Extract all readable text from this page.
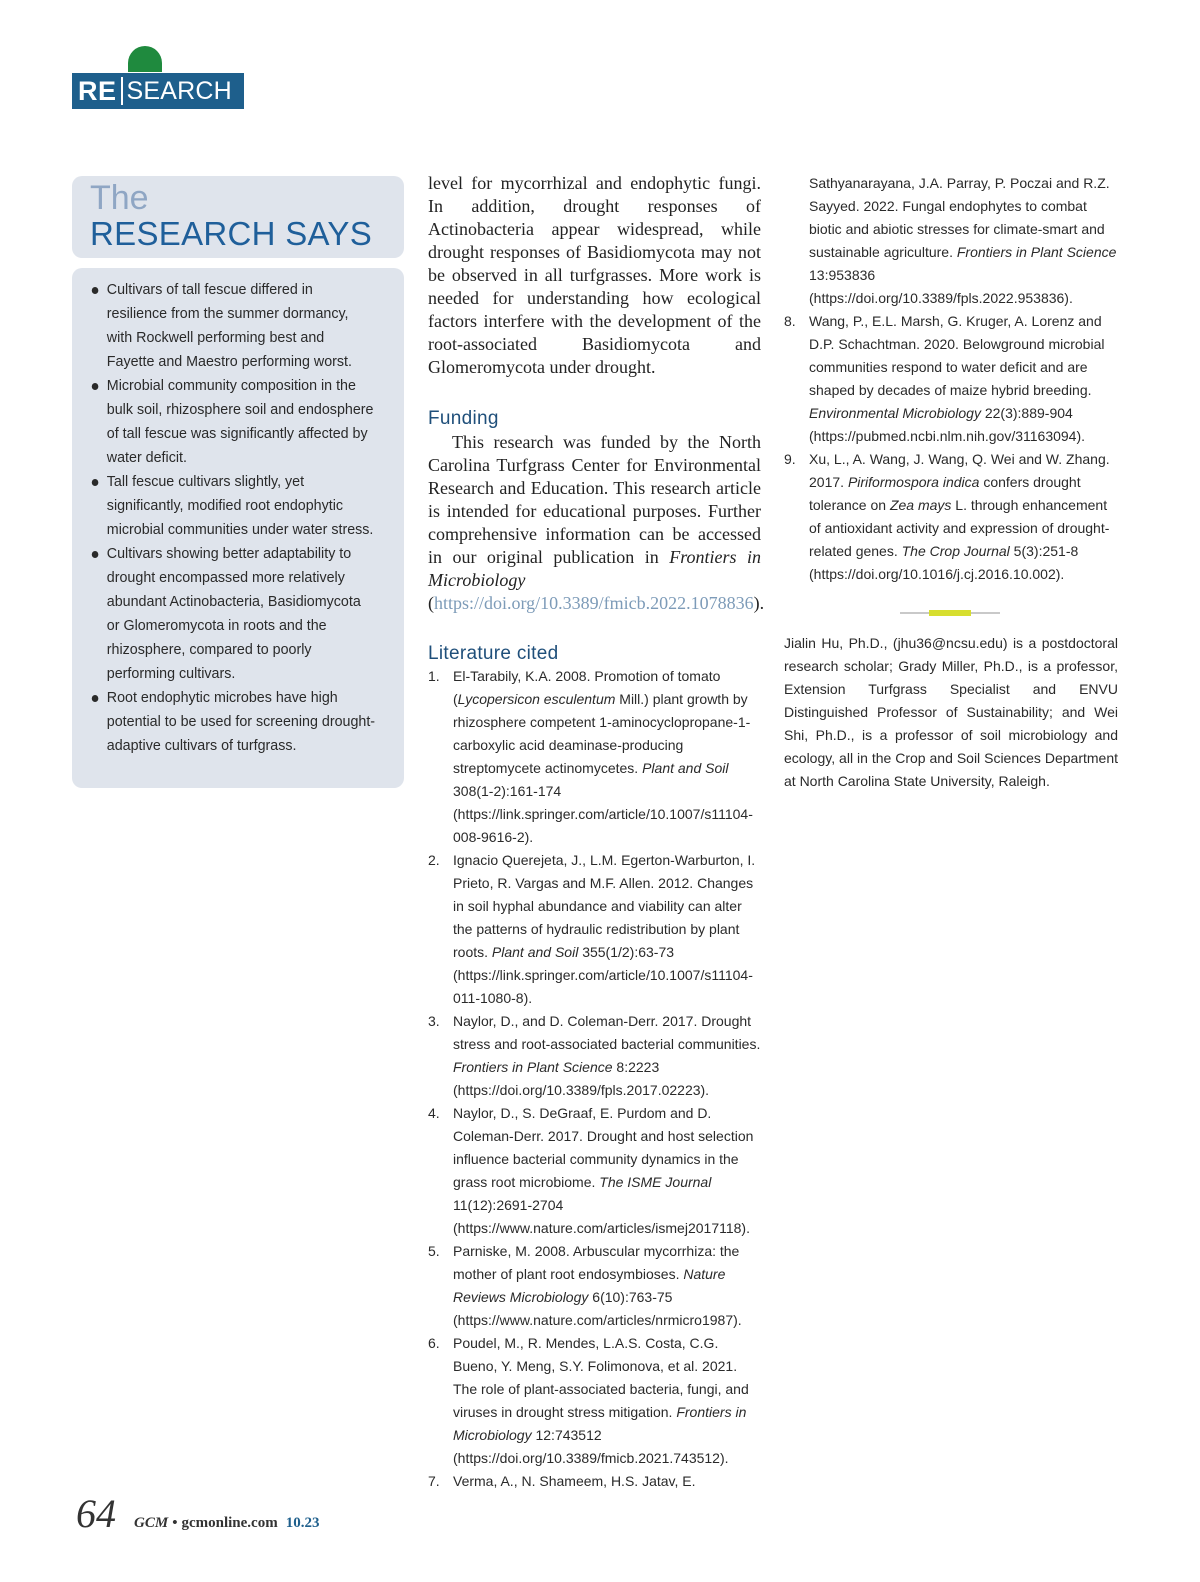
RE SEARCH
The
RESEARCH SAYS
Cultivars of tall fescue differed in resilience from the summer dormancy, with Rockwell performing best and Fayette and Maestro performing worst.
Microbial community composition in the bulk soil, rhizosphere soil and endosphere of tall fescue was significantly affected by water deficit.
Tall fescue cultivars slightly, yet significantly, modified root endophytic microbial communities under water stress.
Cultivars showing better adaptability to drought encompassed more relatively abundant Actinobacteria, Basidiomycota or Glomeromycota in roots and the rhizosphere, compared to poorly performing cultivars.
Root endophytic microbes have high potential to be used for screening drought-adaptive cultivars of turfgrass.

level for mycorrhizal and endophytic fungi. In addition, drought responses of Actinobacteria appear widespread, while drought responses of Basidiomycota may not be observed in all turfgrasses. More work is needed for understanding how ecological factors interfere with the development of the root-associated Basidiomycota and Glomeromycota under drought.

Funding

This research was funded by the North Carolina Turfgrass Center for Environmental Research and Education. This research article is intended for educational purposes. Further comprehensive information can be accessed in our original publication in Frontiers in Microbiology (https://doi.org/10.3389/fmicb.2022.1078836).

Literature cited
1. El-Tarabily, K.A. 2008. Promotion of tomato (Lycopersicon esculentum Mill.) plant growth by rhizosphere competent 1-aminocyclopropane-1-carboxylic acid deaminase-producing streptomycete actinomycetes. Plant and Soil 308(1-2):161-174 (https://link.springer.com/article/10.1007/s11104-008-9616-2).
2. Ignacio Querejeta, J., L.M. Egerton-Warburton, I. Prieto, R. Vargas and M.F. Allen. 2012. Changes in soil hyphal abundance and viability can alter the patterns of hydraulic redistribution by plant roots. Plant and Soil 355(1/2):63-73 (https://link.springer.com/article/10.1007/s11104-011-1080-8).
3. Naylor, D., and D. Coleman-Derr. 2017. Drought stress and root-associated bacterial communities. Frontiers in Plant Science 8:2223 (https://doi.org/10.3389/fpls.2017.02223).
4. Naylor, D., S. DeGraaf, E. Purdom and D. Coleman-Derr. 2017. Drought and host selection influence bacterial community dynamics in the grass root microbiome. The ISME Journal 11(12):2691-2704 (https://www.nature.com/articles/ismej2017118).
5. Parniske, M. 2008. Arbuscular mycorrhiza: the mother of plant root endosymbioses. Nature Reviews Microbiology 6(10):763-75 (https://www.nature.com/articles/nrmicro1987).
6. Poudel, M., R. Mendes, L.A.S. Costa, C.G. Bueno, Y. Meng, S.Y. Folimonova, et al. 2021. The role of plant-associated bacteria, fungi, and viruses in drought stress mitigation. Frontiers in Microbiology 12:743512 (https://doi.org/10.3389/fmicb.2021.743512).
7. Verma, A., N. Shameem, H.S. Jatav, E.
Sathyanarayana, J.A. Parray, P. Poczai and R.Z. Sayyed. 2022. Fungal endophytes to combat biotic and abiotic stresses for climate-smart and sustainable agriculture. Frontiers in Plant Science 13:953836 (https://doi.org/10.3389/fpls.2022.953836).
8. Wang, P., E.L. Marsh, G. Kruger, A. Lorenz and D.P. Schachtman. 2020. Belowground microbial communities respond to water deficit and are shaped by decades of maize hybrid breeding. Environmental Microbiology 22(3):889-904 (https://pubmed.ncbi.nlm.nih.gov/31163094).
9. Xu, L., A. Wang, J. Wang, Q. Wei and W. Zhang. 2017. Piriformospora indica confers drought tolerance on Zea mays L. through enhancement of antioxidant activity and expression of drought-related genes. The Crop Journal 5(3):251-8 (https://doi.org/10.1016/j.cj.2016.10.002).
Jialin Hu, Ph.D., (jhu36@ncsu.edu) is a postdoctoral research scholar; Grady Miller, Ph.D., is a professor, Extension Turfgrass Specialist and ENVU Distinguished Professor of Sustainability; and Wei Shi, Ph.D., is a professor of soil microbiology and ecology, all in the Crop and Soil Sciences Department at North Carolina State University, Raleigh.
64 GCM • gcmonline.com 10.23
